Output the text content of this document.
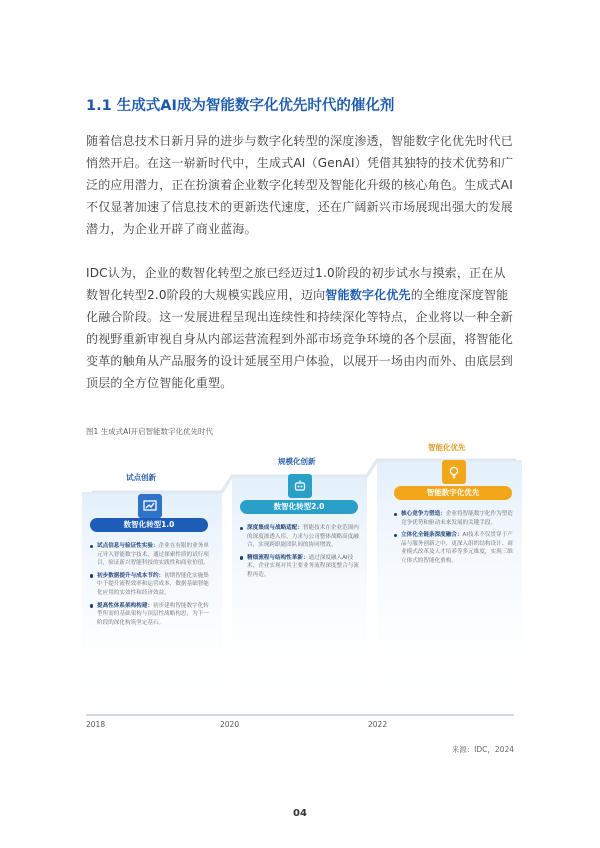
1.1 生成式AI成为智能数字化优先时代的催化剂

随着信息技术日新月异的进步与数字化转型的深度渗透，智能数字化优先时代已悄然开启。在这一崭新时代中，生成式AI（GenAI）凭借其独特的技术优势和广泛的应用潜力，正在扮演着企业数字化转型及智能化升级的核心角色。生成式AI不仅显著加速了信息技术的更新迭代速度，还在广阔新兴市场展现出强大的发展潜力，为企业开辟了商业蓝海。

IDC认为，企业的数智化转型之旅已经迈过1.0阶段的初步试水与摸索，正在从数智化转型2.0阶段的大规模实践应用，迈向智能数字化优先的全维度深度智能化融合阶段。这一发展进程呈现出连续性和持续深化等特点，企业将以一种全新的视野重新审视自身从内部运营流程到外部市场竞争环境的各个层面，将智能化变革的触角从产品服务的设计延展至用户体验，以展开一场由内而外、由底层到顶层的全方位智能化重塑。

图1 生成式AI开启智能数字化优先时代
试点创新
数智化转型1.0
试点信息与验证性实验：企业在有限的业务单元导入智能数字技术，通过探索性质的试行项目，验证新兴智能科技的实践性和商业价值。
初步数据提升与成本节约：初期智能化实施集中于提升流程效率和运营成本，数据基础智能化应用的实效性和经济效益。
提高性体系架构构建：初步建构智能数字化转型所需的基础架构与顶层性战略构思，为下一阶段的深化构筑坚定基石。
规模化创新
数智化转型2.0
深度集成与战略适配：智能技术在企业范围内的深度渗透入库，力求与公司整体战略高度融合，实现跨职能团队间的协同增效。
精细流程与结构性革新：通过深度融入AI技术，企业实现对其主要业务流程深度整合与流程再造。
智能化优先
智能数字化优先
核心竞争力塑造：企业将智能数字化作为塑造竞争优势和驱动未来发展的关键手段。
立体化全链条深度融合：AI技术不仅贯穿于产品与服务创新之中，更深入组织结构设计、商业模式改革及人才培养等多元维度，实现三维立体式的智能化重构。
2018	2020	2022
来源：IDC，2024
04
